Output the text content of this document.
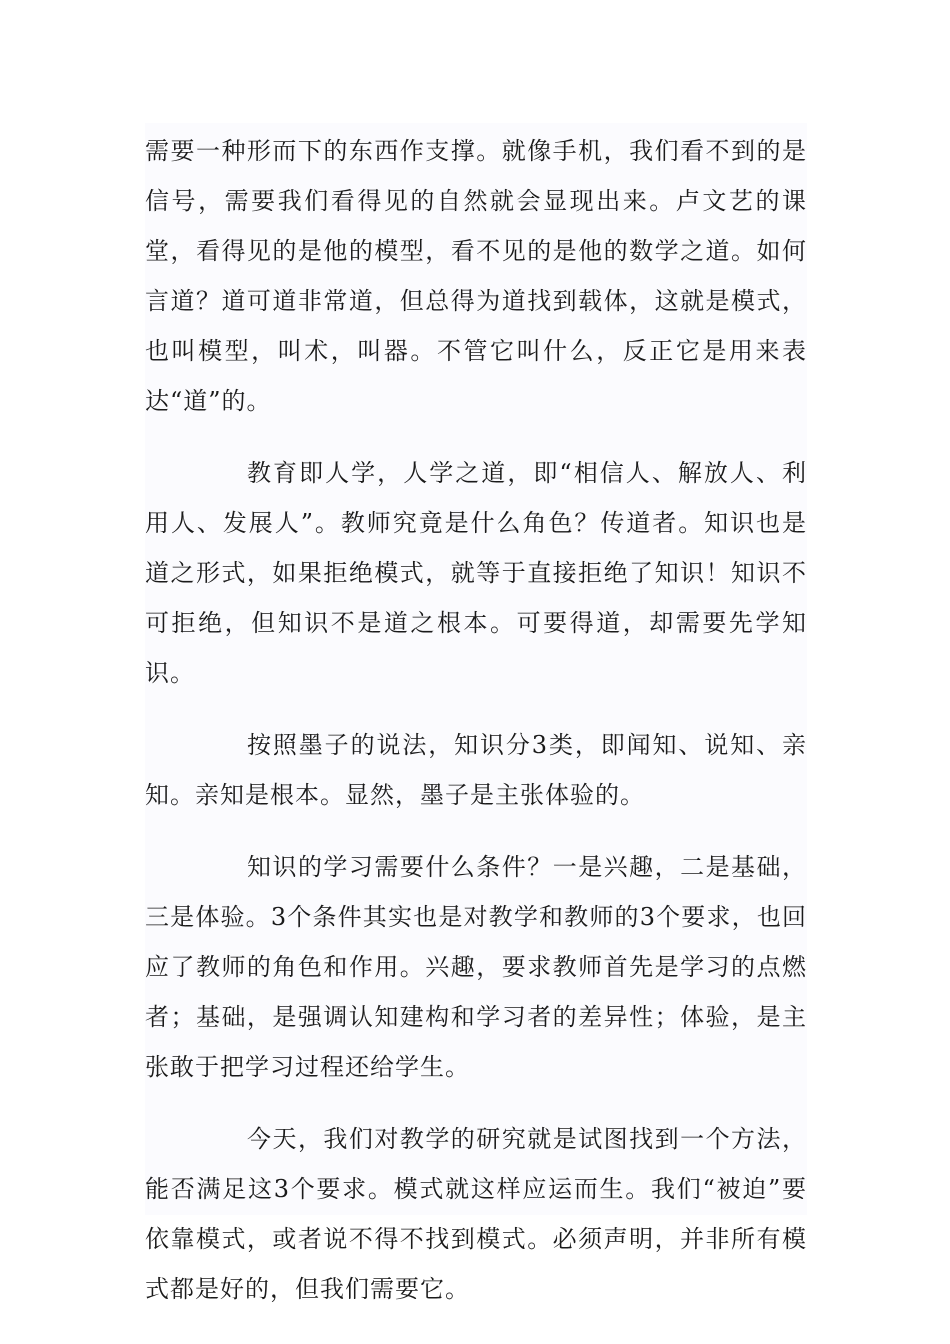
需要一种形而下的东西作支撑。就像手机，我们看不到的是信号，需要我们看得见的自然就会显现出来。卢文艺的课堂，看得见的是他的模型，看不见的是他的数学之道。如何言道？道可道非常道，但总得为道找到载体，这就是模式，也叫模型，叫术，叫器。不管它叫什么，反正它是用来表达“道”的。

教育即人学，人学之道，即“相信人、解放人、利用人、发展人”。教师究竟是什么角色？传道者。知识也是道之形式，如果拒绝模式，就等于直接拒绝了知识！知识不可拒绝，但知识不是道之根本。可要得道，却需要先学知识。

按照墨子的说法，知识分3类，即闻知、说知、亲知。亲知是根本。显然，墨子是主张体验的。

知识的学习需要什么条件？一是兴趣，二是基础，三是体验。3个条件其实也是对教学和教师的3个要求，也回应了教师的角色和作用。兴趣，要求教师首先是学习的点燃者；基础，是强调认知建构和学习者的差异性；体验，是主张敢于把学习过程还给学生。

今天，我们对教学的研究就是试图找到一个方法，能否满足这3个要求。模式就这样应运而生。我们“被迫”要依靠模式，或者说不得不找到模式。必须声明，并非所有模式都是好的，但我们需要它。
